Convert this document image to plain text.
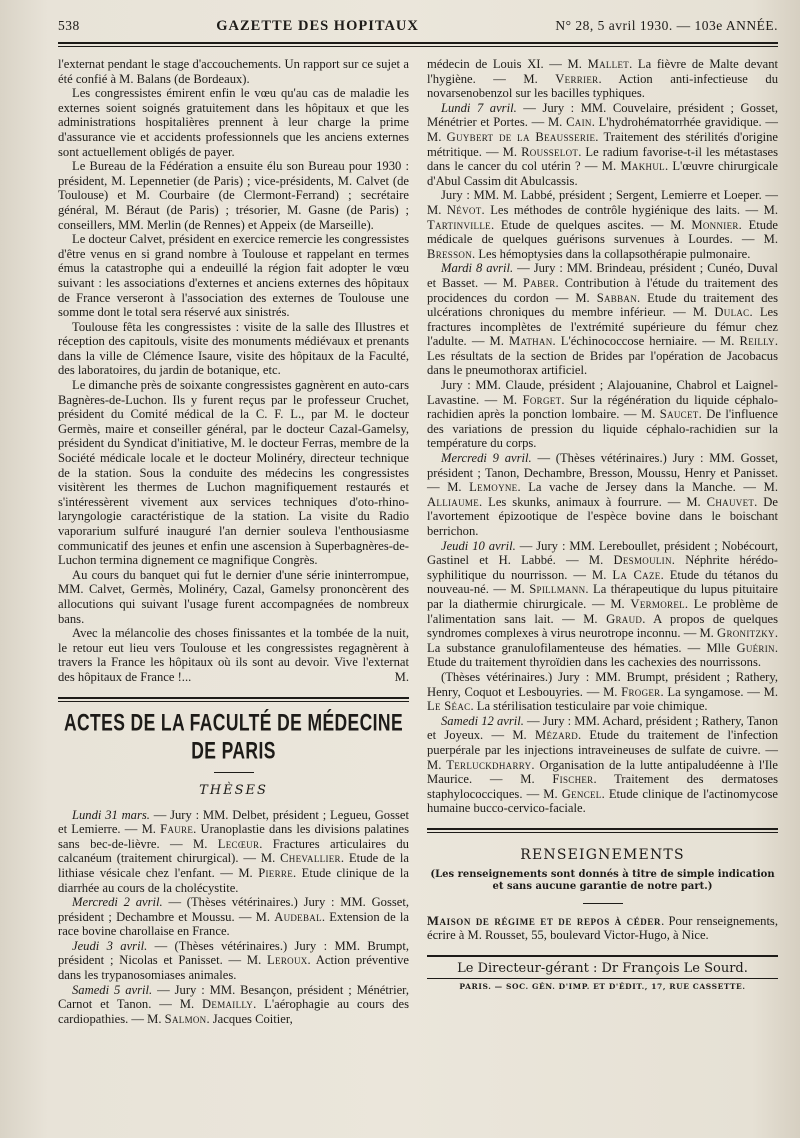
538	GAZETTE DES HOPITAUX	N° 28, 5 avril 1930. — 103e ANNÉE.

l'externat pendant le stage d'accouchements. Un rapport sur ce sujet a été confié à M. Balans (de Bordeaux).

Les congressistes émirent enfin le vœu qu'au cas de maladie les externes soient soignés gratuitement dans les hôpitaux et que les administrations hospitalières prennent à leur charge la prime d'assurance vie et accidents professionnels que les anciens externes sont actuellement obligés de payer.

Le Bureau de la Fédération a ensuite élu son Bureau pour 1930 : président, M. Lepennetier (de Paris) ; vice-présidents, M. Calvet (de Toulouse) et M. Courbaire (de Clermont-Ferrand) ; secrétaire général, M. Béraut (de Paris) ; trésorier, M. Gasne (de Paris) ; conseillers, MM. Merlin (de Rennes) et Appeix (de Marseille).

Le docteur Calvet, président en exercice remercie les congressistes d'être venus en si grand nombre à Toulouse et rappelant en termes émus la catastrophe qui a endeuillé la région fait adopter le vœu suivant : les associations d'externes et anciens externes des hôpitaux de France verseront à l'association des externes de Toulouse une somme dont le total sera réservé aux sinistrés.

Toulouse fêta les congressistes : visite de la salle des Illustres et réception des capitouls, visite des monuments médiévaux et prenants dans la ville de Clémence Isaure, visite des hôpitaux de la Faculté, des laboratoires, du jardin de botanique, etc.

Le dimanche près de soixante congressistes gagnèrent en auto-cars Bagnères-de-Luchon. Ils y furent reçus par le professeur Cruchet, président du Comité médical de la C. F. L., par M. le docteur Germès, maire et conseiller général, par le docteur Cazal-Gamelsy, président du Syndicat d'initiative, M. le docteur Ferras, membre de la Société médicale locale et le docteur Molinéry, directeur technique de la station. Sous la conduite des médecins les congressistes visitèrent les thermes de Luchon magnifiquement restaurés et s'intéressèrent vivement aux services techniques d'oto-rhino-laryngologie caractéristique de la station. La visite du Radio vaporarium sulfuré inauguré l'an dernier souleva l'enthousiasme communicatif des jeunes et enfin une ascension à Superbagnères-de-Luchon termina dignement ce magnifique Congrès.

Au cours du banquet qui fut le dernier d'une série ininterrompue, MM. Calvet, Germès, Molinéry, Cazal, Gamelsy prononcèrent des allocutions qui suivant l'usage furent accompagnées de nombreux bans.

Avec la mélancolie des choses finissantes et la tombée de la nuit, le retour eut lieu vers Toulouse et les congressistes regagnèrent à travers la France les hôpitaux où ils sont au devoir. Vive l'externat des hôpitaux de France !...	M.

ACTES DE LA FACULTÉ DE MÉDECINE DE PARIS
THÈSES

Lundi 31 mars. — Jury : MM. Delbet, président ; Legueu, Gosset et Lemierre. — M. Faure. Uranoplastie dans les divisions palatines sans bec-de-lièvre. — M. Lecœur. Fractures articulaires du calcanéum (traitement chirurgical). — M. Chevallier. Etude de la lithiase vésicale chez l'enfant. — M. Pierre. Etude clinique de la diarrhée au cours de la cholécystite.

Mercredi 2 avril. — (Thèses vétérinaires.) Jury : MM. Gosset, président ; Dechambre et Moussu. — M. Audebal. Extension de la race bovine charollaise en France.

Jeudi 3 avril. — (Thèses vétérinaires.) Jury : MM. Brumpt, président ; Nicolas et Panisset. — M. Leroux. Action préventive dans les trypanosomiases animales.

Samedi 5 avril. — Jury : MM. Besançon, président ; Ménétrier, Carnot et Tanon. — M. Demailly. L'aérophagie au cours des cardiopathies. — M. Salmon. Jacques Coitier,

médecin de Louis XI. — M. Mallet. La fièvre de Malte devant l'hygiène. — M. Verrier. Action anti-infectieuse du novarsenobenzol sur les bacilles typhiques.

Lundi 7 avril. — Jury : MM. Couvelaire, président ; Gosset, Ménétrier et Portes. — M. Cain. L'hydrohématorrhée gravidique. — M. Guybert de la Beausserie. Traitement des stérilités d'origine métritique. — M. Rousselot. Le radium favorise-t-il les métastases dans le cancer du col utérin ? — M. Makhul. L'œuvre chirurgicale d'Abul Cassim dit Abulcassis.

Jury : MM. M. Labbé, président ; Sergent, Lemierre et Loeper. — M. Névot. Les méthodes de contrôle hygiénique des laits. — M. Tartinville. Etude de quelques ascites. — M. Monnier. Etude médicale de quelques guérisons survenues à Lourdes. — M. Bresson. Les hémoptysies dans la collapsothérapie pulmonaire.

Mardi 8 avril. — Jury : MM. Brindeau, président ; Cunéo, Duval et Basset. — M. Paber. Contribution à l'étude du traitement des procidences du cordon — M. Sabban. Etude du traitement des ulcérations chroniques du membre inférieur. — M. Dulac. Les fractures incomplètes de l'extrémité supérieure du fémur chez l'adulte. — M. Mathan. L'échinococcose herniaire. — M. Reilly. Les résultats de la section de Brides par l'opération de Jacobacus dans le pneumothorax artificiel.

Jury : MM. Claude, président ; Alajouanine, Chabrol et Laignel-Lavastine. — M. Forget. Sur la régénération du liquide céphalo-rachidien après la ponction lombaire. — M. Saucet. De l'influence des variations de pression du liquide céphalo-rachidien sur la température du corps.

Mercredi 9 avril. — (Thèses vétérinaires.) Jury : MM. Gosset, président ; Tanon, Dechambre, Bresson, Moussu, Henry et Panisset. — M. Lemoyne. La vache de Jersey dans la Manche. — M. Alliaume. Les skunks, animaux à fourrure. — M. Chauvet. De l'avortement épizootique de l'espèce bovine dans le boischant berrichon.

Jeudi 10 avril. — Jury : MM. Lereboullet, président ; Nobécourt, Gastinel et H. Labbé. — M. Desmoulin. Néphrite hérédo-syphilitique du nourrisson. — M. La Caze. Etude du tétanos du nouveau-né. — M. Spillmann. La thérapeutique du lupus pituitaire par la diathermie chirurgicale. — M. Vermorel. Le problème de l'alimentation sans lait. — M. Graud. A propos de quelques syndromes complexes à virus neurotrope inconnu. — M. Gronitzky. La substance granulofilamenteuse des hématies. — Mlle Guérin. Etude du traitement thyroïdien dans les cachexies des nourrissons.

(Thèses vétérinaires.) Jury : MM. Brumpt, président ; Rathery, Henry, Coquot et Lesbouyries. — M. Froger. La syngamose. — M. Le Séac. La stérilisation testiculaire par voie chimique.

Samedi 12 avril. — Jury : MM. Achard, président ; Rathery, Tanon et Joyeux. — M. Mézard. Etude du traitement de l'infection puerpérale par les injections intraveineuses de sulfate de cuivre. — M. Terluckdharry. Organisation de la lutte antipaludéenne à l'Ile Maurice. — M. Fischer. Traitement des dermatoses staphylococciques. — M. Gencel. Etude clinique de l'actinomycose humaine bucco-cervico-faciale.

RENSEIGNEMENTS
(Les renseignements sont donnés à titre de simple indication et sans aucune garantie de notre part.)

Maison de régime et de repos à céder. Pour renseignements, écrire à M. Rousset, 55, boulevard Victor-Hugo, à Nice.

Le Directeur-gérant : Dr François Le Sourd.
PARIS. — SOC. GÉN. D'IMP. ET D'ÉDIT., 17, RUE CASSETTE.
